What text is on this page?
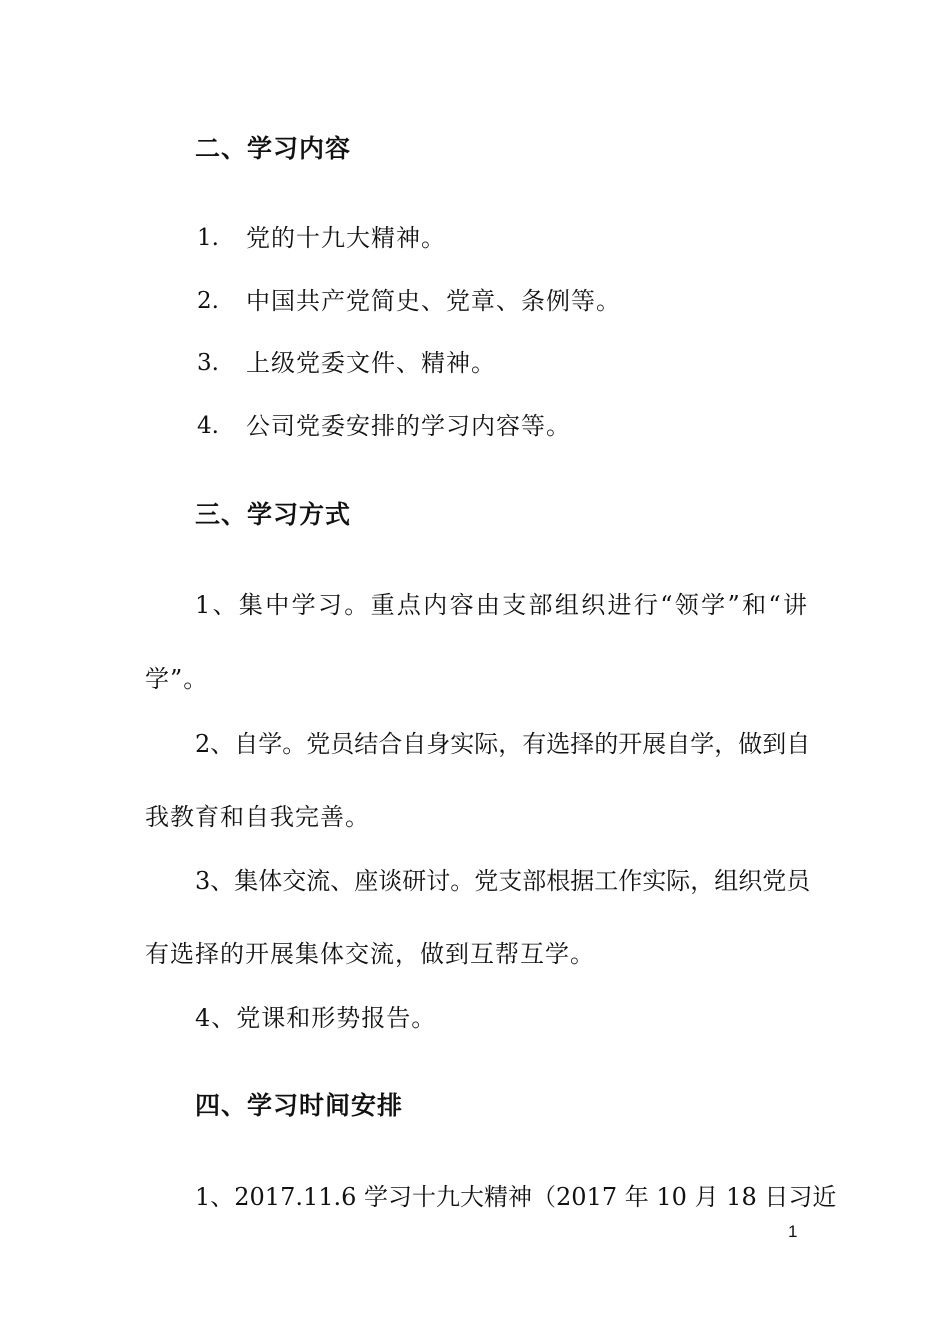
二、学习内容
1. 党的十九大精神。
2. 中国共产党简史、党章、条例等。
3. 上级党委文件、精神。
4. 公司党委安排的学习内容等。
三、学习方式
1、集中学习。重点内容由支部组织进行“领学”和“讲
学”。
2、自学。党员结合自身实际，有选择的开展自学，做到自
我教育和自我完善。
3、集体交流、座谈研讨。党支部根据工作实际，组织党员
有选择的开展集体交流，做到互帮互学。
4、党课和形势报告。
四、学习时间安排
1、2017.11.6 学习十九大精神（2017 年 10 月 18 日习近
1
